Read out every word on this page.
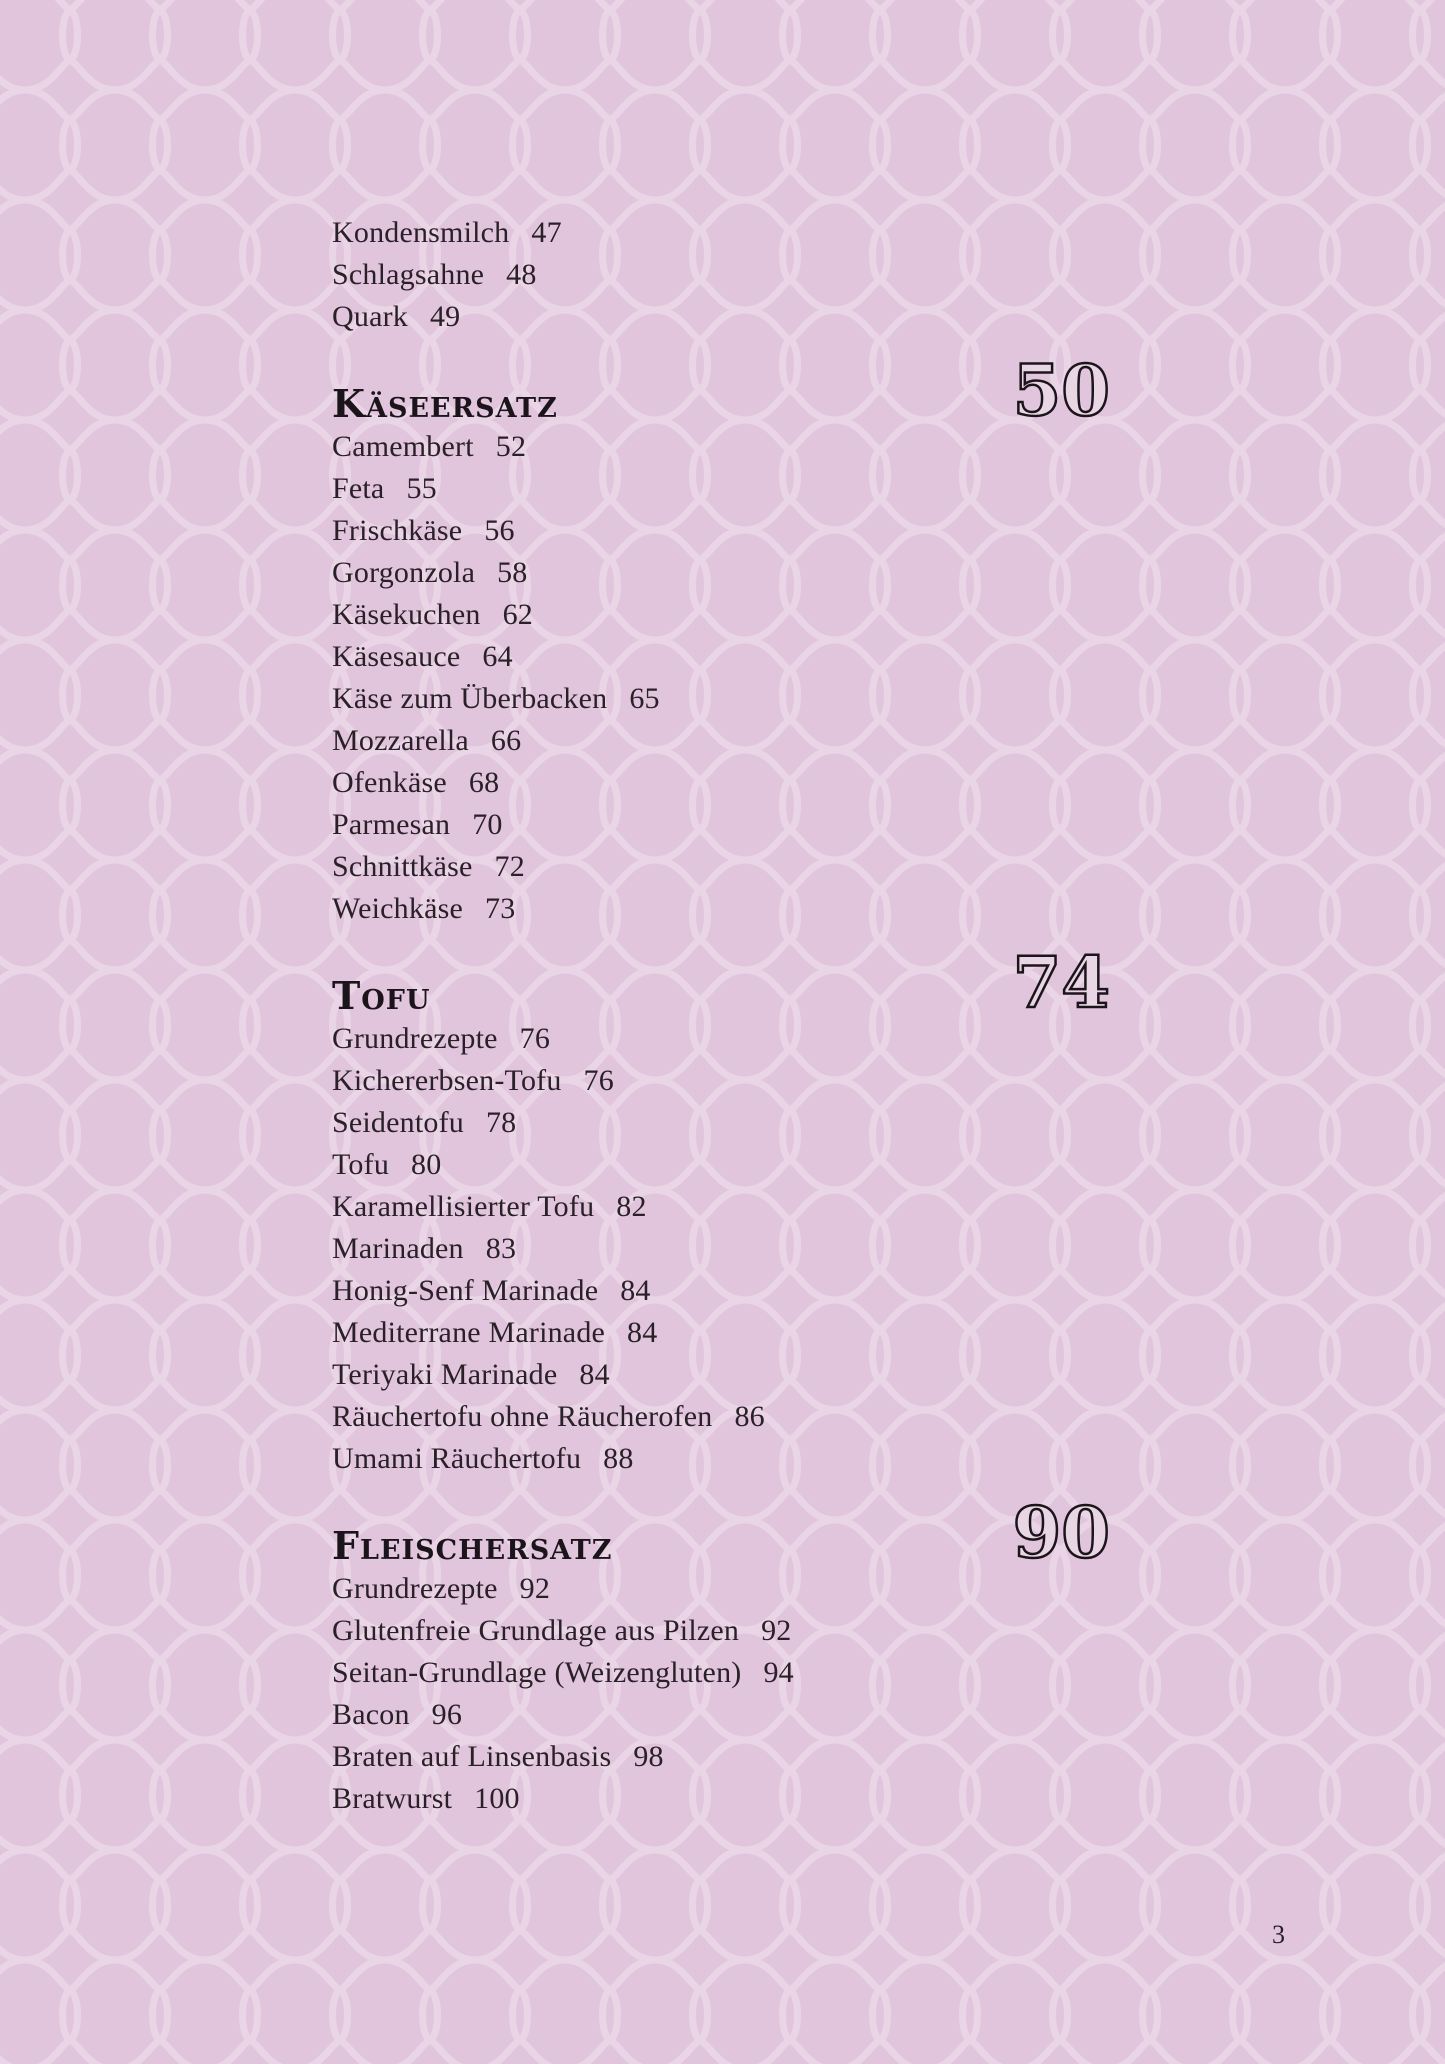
Kondensmilch 47
Schlagsahne 48
Quark 49
Käseersatz	50
Camembert 52
Feta 55
Frischkäse 56
Gorgonzola 58
Käsekuchen 62
Käsesauce 64
Käse zum Überbacken 65
Mozzarella 66
Ofenkäse 68
Parmesan 70
Schnittkäse 72
Weichkäse 73
Tofu	74
Grundrezepte 76
Kichererbsen-Tofu 76
Seidentofu 78
Tofu 80
Karamellisierter Tofu 82
Marinaden 83
Honig-Senf Marinade 84
Mediterrane Marinade 84
Teriyaki Marinade 84
Räuchertofu ohne Räucherofen 86
Umami Räuchertofu 88
Fleischersatz	90
Grundrezepte 92
Glutenfreie Grundlage aus Pilzen 92
Seitan-Grundlage (Weizengluten) 94
Bacon 96
Braten auf Linsenbasis 98
Bratwurst 100
3
